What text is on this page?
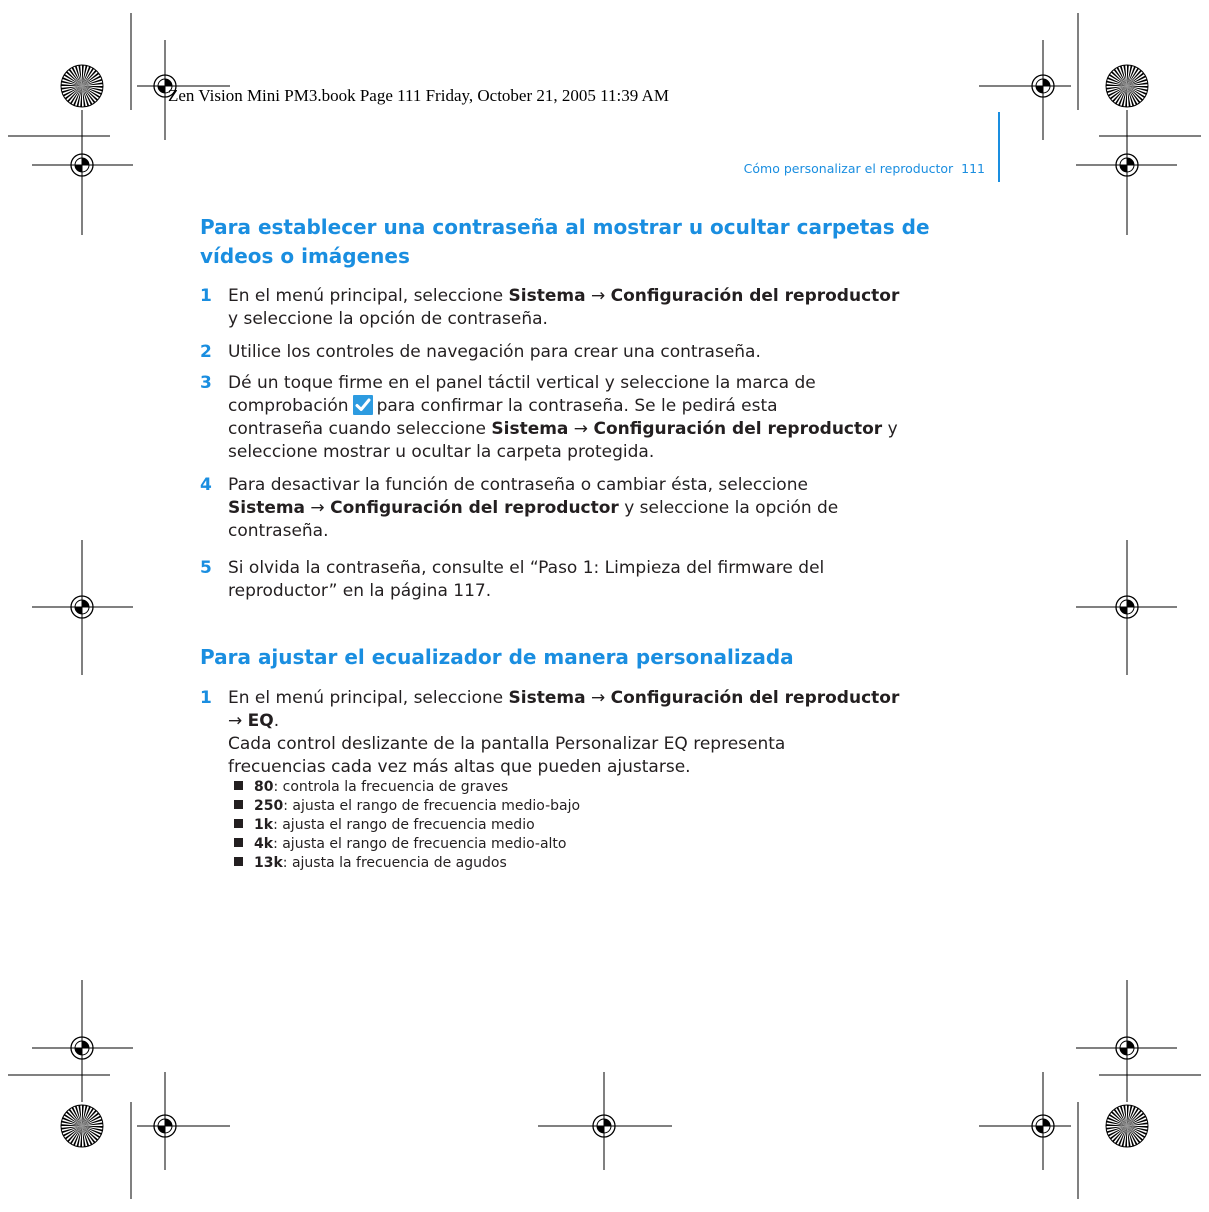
Zen Vision Mini PM3.book Page 111 Friday, October 21, 2005 11:39 AM
Cómo personalizar el reproductor 111
Para establecer una contraseña al mostrar u ocultar carpetas de
vídeos o imágenes
1 En el menú principal, seleccione Sistema → Configuración del reproductor
y seleccione la opción de contraseña.
2 Utilice los controles de navegación para crear una contraseña.
3 Dé un toque firme en el panel táctil vertical y seleccione la marca de
comprobación para confirmar la contraseña. Se le pedirá esta
contraseña cuando seleccione Sistema → Configuración del reproductor y
seleccione mostrar u ocultar la carpeta protegida.
4 Para desactivar la función de contraseña o cambiar ésta, seleccione
Sistema → Configuración del reproductor y seleccione la opción de
contraseña.
5 Si olvida la contraseña, consulte el “Paso 1: Limpieza del firmware del
reproductor” en la página 117.
Para ajustar el ecualizador de manera personalizada
1 En el menú principal, seleccione Sistema → Configuración del reproductor
→ EQ.
Cada control deslizante de la pantalla Personalizar EQ representa
frecuencias cada vez más altas que pueden ajustarse.
80: controla la frecuencia de graves
250: ajusta el rango de frecuencia medio-bajo
1k: ajusta el rango de frecuencia medio
4k: ajusta el rango de frecuencia medio-alto
13k: ajusta la frecuencia de agudos
